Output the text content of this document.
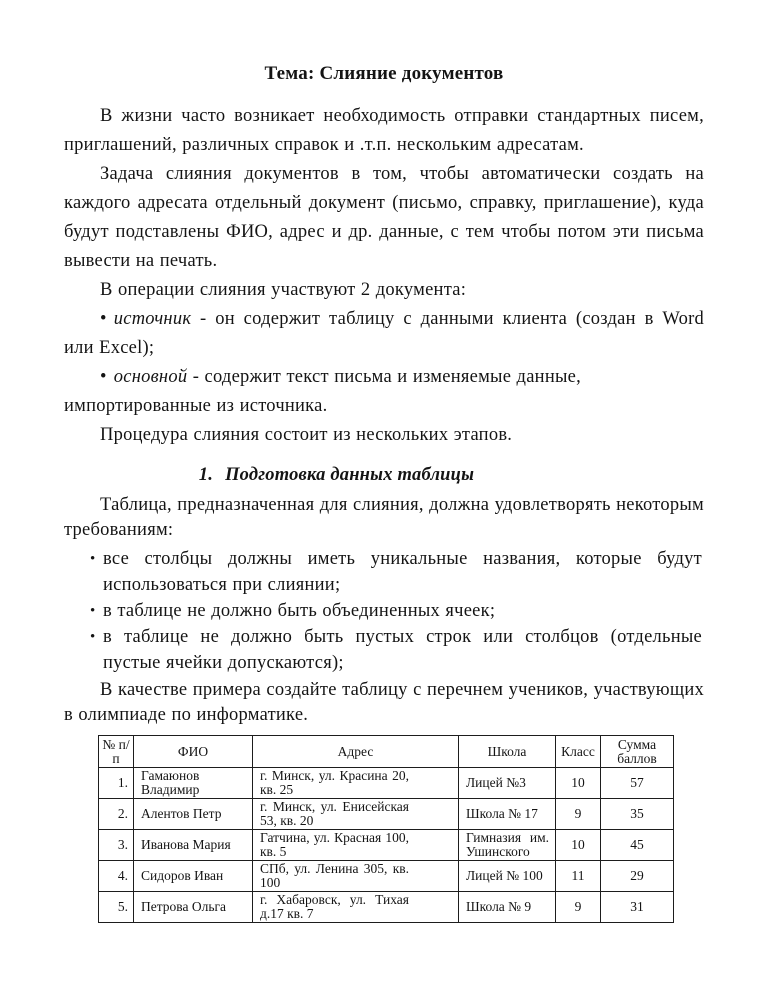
Тема: Слияние документов
В жизни часто возникает необходимость отправки стандартных писем, приглашений, различных справок и .т.п. нескольким адресатам.
Задача слияния документов в том, чтобы автоматически создать на каждого адресата отдельный документ (письмо, справку, приглашение), куда будут подставлены ФИО, адрес и др. данные, с тем чтобы потом эти письма вывести на печать.
В операции слияния участвуют 2 документа:
• источник - он содержит таблицу с данными клиента (создан в Word или Excel);
• основной - содержит текст письма и изменяемые данные,
импортированные из источника.
Процедура слияния состоит из нескольких этапов.
1. Подготовка данных таблицы
Таблица, предназначенная для слияния, должна удовлетворять некоторым требованиям:
• все столбцы должны иметь уникальные названия, которые будут использоваться при слиянии;
• в таблице не должно быть объединенных ячеек;
• в таблице не должно быть пустых строк или столбцов (отдельные пустые ячейки допускаются);
В качестве примера создайте таблицу с перечнем учеников, участвующих в олимпиаде по информатике.
№ п/п	ФИО	Адрес	Школа	Класс	Сумма баллов
1.	Гамаюнов Владимир	г. Минск, ул. Красина 20, кв. 25	Лицей №3	10	57
2.	Алентов Петр	г. Минск, ул. Енисейская 53, кв. 20	Школа № 17	9	35
3.	Иванова Мария	Гатчина, ул. Красная 100, кв. 5	Гимназия им. Ушинского	10	45
4.	Сидоров Иван	СПб, ул. Ленина 305, кв. 100	Лицей № 100	11	29
5.	Петрова Ольга	г. Хабаровск, ул. Тихая д.17 кв. 7	Школа № 9	9	31
